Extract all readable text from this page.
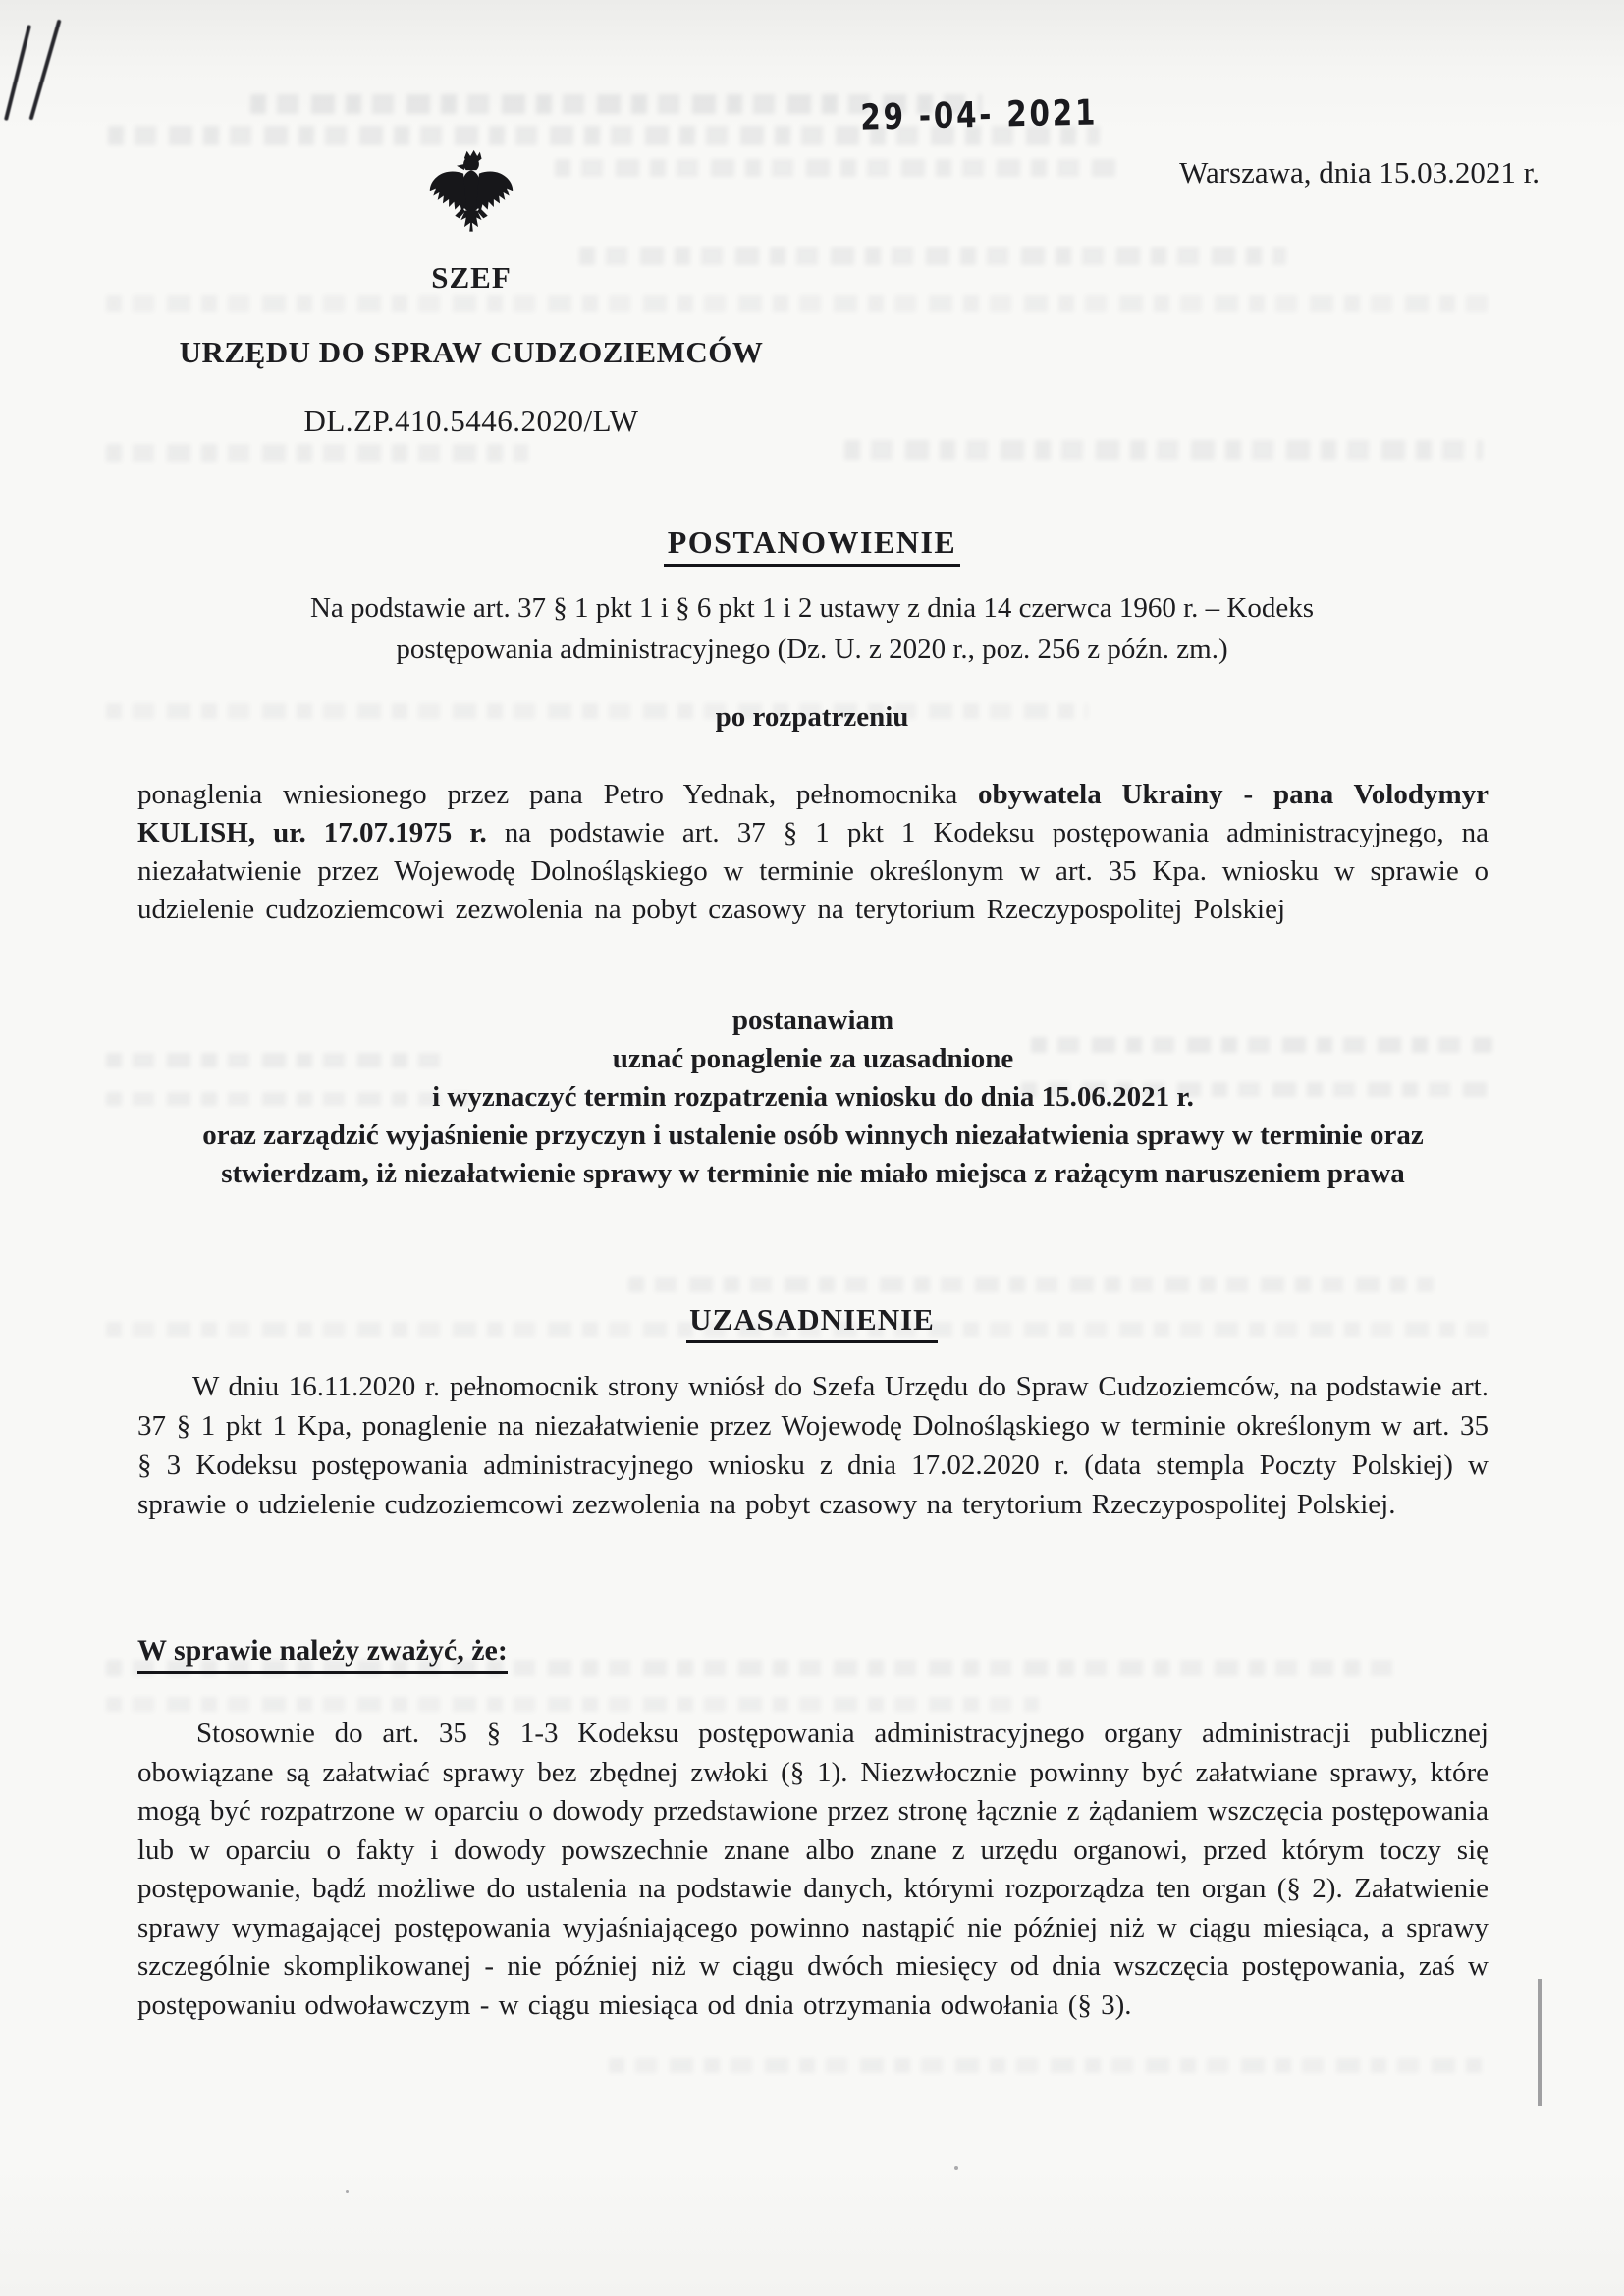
29 -04- 2021
Warszawa, dnia 15.03.2021 r.
SZEF
URZĘDU DO SPRAW CUDZOZIEMCÓW
DL.ZP.410.5446.2020/LW
POSTANOWIENIE
Na podstawie art. 37 § 1 pkt 1 i § 6 pkt 1 i 2 ustawy z dnia 14 czerwca 1960 r. – Kodeks
postępowania administracyjnego (Dz. U. z 2020 r., poz. 256 z późn. zm.)
po rozpatrzeniu

ponaglenia wniesionego przez pana Petro Yednak, pełnomocnika obywatela Ukrainy - pana Volodymyr KULISH, ur. 17.07.1975 r. na podstawie art. 37 § 1 pkt 1 Kodeksu postępowania administracyjnego, na niezałatwienie przez Wojewodę Dolnośląskiego w terminie określonym w art. 35 Kpa. wniosku w sprawie o udzielenie cudzoziemcowi zezwolenia na pobyt czasowy na terytorium Rzeczypospolitej Polskiej

postanawiam
uznać ponaglenie za uzasadnione
i wyznaczyć termin rozpatrzenia wniosku do dnia 15.06.2021 r.
oraz zarządzić wyjaśnienie przyczyn i ustalenie osób winnych niezałatwienia sprawy w terminie oraz stwierdzam, iż niezałatwienie sprawy w terminie nie miało miejsca z rażącym naruszeniem prawa
UZASADNIENIE

W dniu 16.11.2020 r. pełnomocnik strony wniósł do Szefa Urzędu do Spraw Cudzoziemców, na podstawie art. 37 § 1 pkt 1 Kpa, ponaglenie na niezałatwienie przez Wojewodę Dolnośląskiego w terminie określonym w art. 35 § 3 Kodeksu postępowania administracyjnego wniosku z dnia 17.02.2020 r. (data stempla Poczty Polskiej) w sprawie o udzielenie cudzoziemcowi zezwolenia na pobyt czasowy na terytorium Rzeczypospolitej Polskiej.

W sprawie należy zważyć, że:

Stosownie do art. 35 § 1-3 Kodeksu postępowania administracyjnego organy administracji publicznej obowiązane są załatwiać sprawy bez zbędnej zwłoki (§ 1). Niezwłocznie powinny być załatwiane sprawy, które mogą być rozpatrzone w oparciu o dowody przedstawione przez stronę łącznie z żądaniem wszczęcia postępowania lub w oparciu o fakty i dowody powszechnie znane albo znane z urzędu organowi, przed którym toczy się postępowanie, bądź możliwe do ustalenia na podstawie danych, którymi rozporządza ten organ (§ 2). Załatwienie sprawy wymagającej postępowania wyjaśniającego powinno nastąpić nie później niż w ciągu miesiąca, a sprawy szczególnie skomplikowanej - nie później niż w ciągu dwóch miesięcy od dnia wszczęcia postępowania, zaś w postępowaniu odwoławczym - w ciągu miesiąca od dnia otrzymania odwołania (§ 3).
